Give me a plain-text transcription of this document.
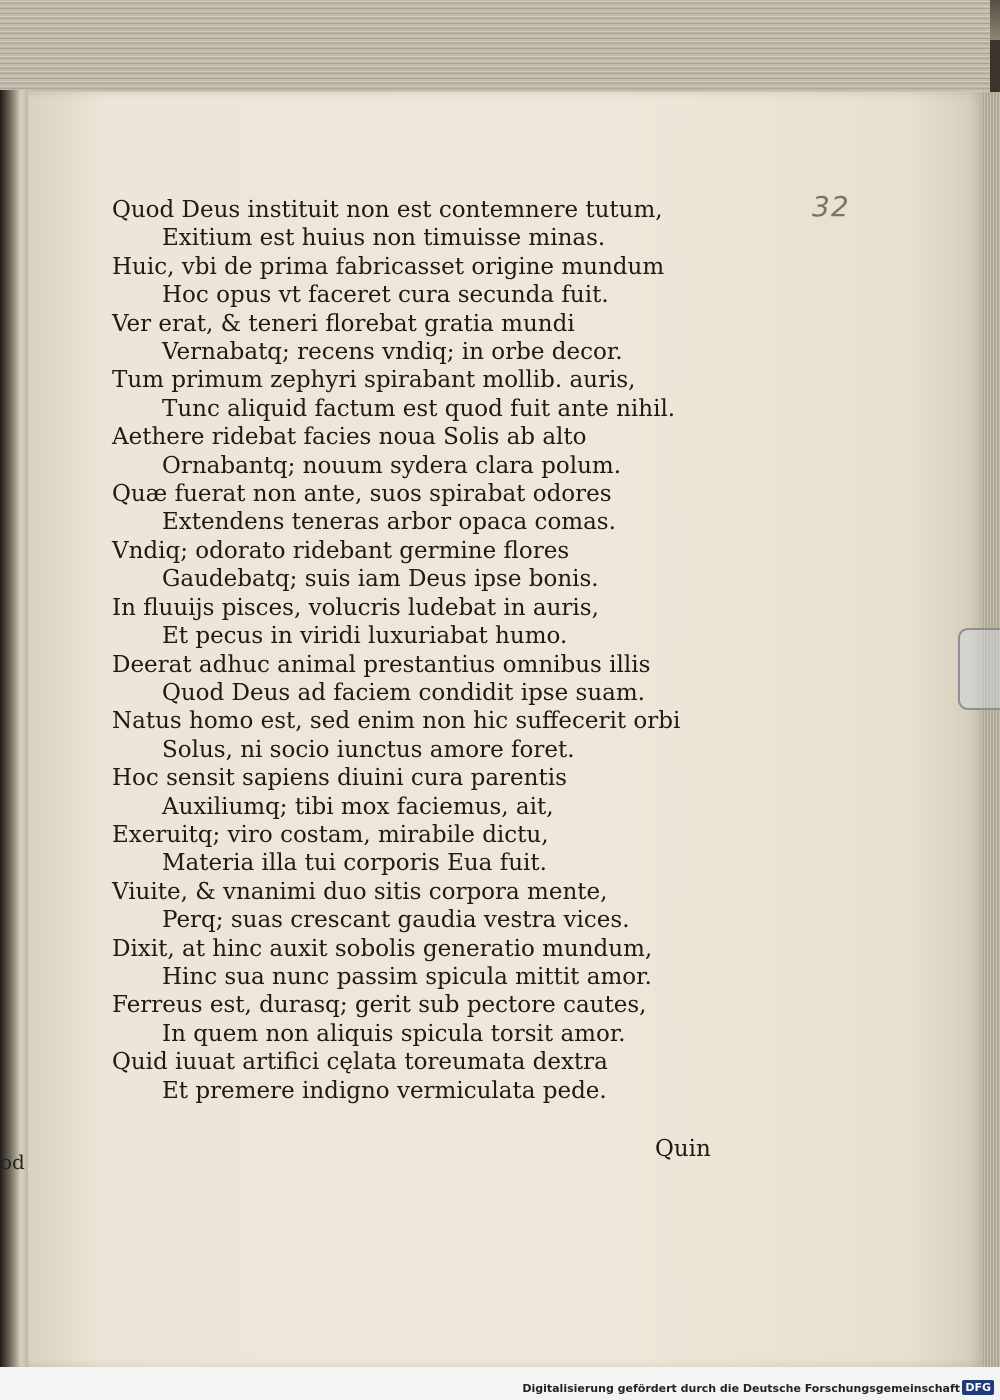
od
32
Quod Deus instituit non est contemnere tutum,
Exitium est huius non timuisse minas.
Huic, vbi de prima fabricasset origine mundum
Hoc opus vt faceret cura secunda fuit.
Ver erat, & teneri florebat gratia mundi
Vernabatq; recens vndiq; in orbe decor.
Tum primum zephyri spirabant mollib. auris,
Tunc aliquid factum est quod fuit ante nihil.
Aethere ridebat facies noua Solis ab alto
Ornabantq; nouum sydera clara polum.
Quæ fuerat non ante, suos spirabat odores
Extendens teneras arbor opaca comas.
Vndiq; odorato ridebant germine flores
Gaudebatq; suis iam Deus ipse bonis.
In fluuijs pisces, volucris ludebat in auris,
Et pecus in viridi luxuriabat humo.
Deerat adhuc animal prestantius omnibus illis
Quod Deus ad faciem condidit ipse suam.
Natus homo est, sed enim non hic suffecerit orbi
Solus, ni socio iunctus amore foret.
Hoc sensit sapiens diuini cura parentis
Auxiliumq; tibi mox faciemus, ait,
Exeruitq; viro costam, mirabile dictu,
Materia illa tui corporis Eua fuit.
Viuite, & vnanimi duo sitis corpora mente,
Perq; suas crescant gaudia vestra vices.
Dixit, at hinc auxit sobolis generatio mundum,
Hinc sua nunc passim spicula mittit amor.
Ferreus est, durasq; gerit sub pectore cautes,
In quem non aliquis spicula torsit amor.
Quid iuuat artifici cęlata toreumata dextra
Et premere indigno vermiculata pede.
Quin
Digitalisierung gefördert durch die Deutsche Forschungsgemeinschaft DFG
